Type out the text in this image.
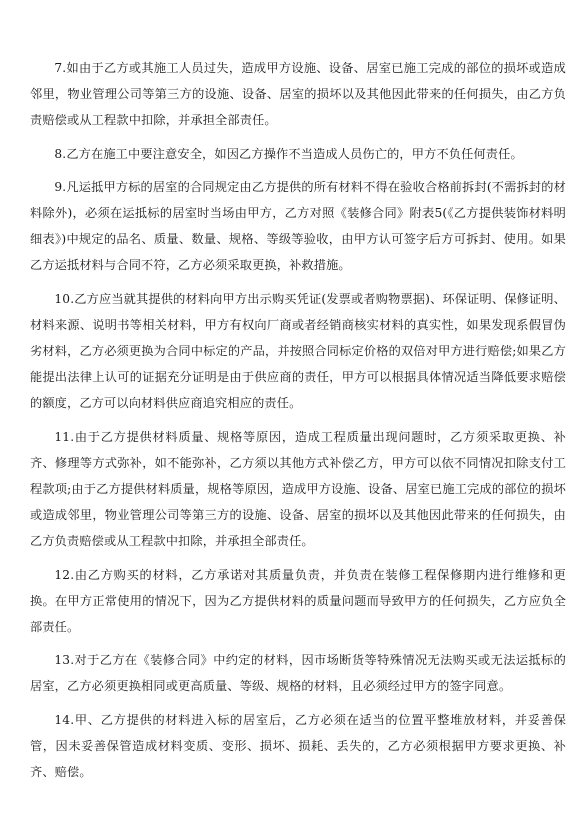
7.如由于乙方或其施工人员过失，造成甲方设施、设备、居室已施工完成的部位的损坏或造成邻里，物业管理公司等第三方的设施、设备、居室的损坏以及其他因此带来的任何损失，由乙方负责赔偿或从工程款中扣除，并承担全部责任。

8.乙方在施工中要注意安全，如因乙方操作不当造成人员伤亡的，甲方不负任何责任。

9.凡运抵甲方标的居室的合同规定由乙方提供的所有材料不得在验收合格前拆封(不需拆封的材料除外)，必须在运抵标的居室时当场由甲方，乙方对照《装修合同》附表5(《乙方提供装饰材料明细表》)中规定的品名、质量、数量、规格、等级等验收，由甲方认可签字后方可拆封、使用。如果乙方运抵材料与合同不符，乙方必须采取更换，补救措施。

10.乙方应当就其提供的材料向甲方出示购买凭证(发票或者购物票据)、环保证明、保修证明、材料来源、说明书等相关材料，甲方有权向厂商或者经销商核实材料的真实性，如果发现系假冒伪劣材料，乙方必须更换为合同中标定的产品，并按照合同标定价格的双倍对甲方进行赔偿;如果乙方能提出法律上认可的证据充分证明是由于供应商的责任，甲方可以根据具体情况适当降低要求赔偿的额度，乙方可以向材料供应商追究相应的责任。

11.由于乙方提供材料质量、规格等原因，造成工程质量出现问题时，乙方须采取更换、补齐、修理等方式弥补，如不能弥补，乙方须以其他方式补偿乙方，甲方可以依不同情况扣除支付工程款项;由于乙方提供材料质量，规格等原因，造成甲方设施、设备、居室已施工完成的部位的损坏或造成邻里，物业管理公司等第三方的设施、设备、居室的损坏以及其他因此带来的任何损失，由乙方负责赔偿或从工程款中扣除，并承担全部责任。

12.由乙方购买的材料，乙方承诺对其质量负责，并负责在装修工程保修期内进行维修和更换。在甲方正常使用的情况下，因为乙方提供材料的质量问题而导致甲方的任何损失，乙方应负全部责任。

13.对于乙方在《装修合同》中约定的材料，因市场断货等特殊情况无法购买或无法运抵标的居室，乙方必须更换相同或更高质量、等级、规格的材料，且必须经过甲方的签字同意。

14.甲、乙方提供的材料进入标的居室后，乙方必须在适当的位置平整堆放材料，并妥善保管，因未妥善保管造成材料变质、变形、损坏、损耗、丢失的，乙方必须根据甲方要求更换、补齐、赔偿。
